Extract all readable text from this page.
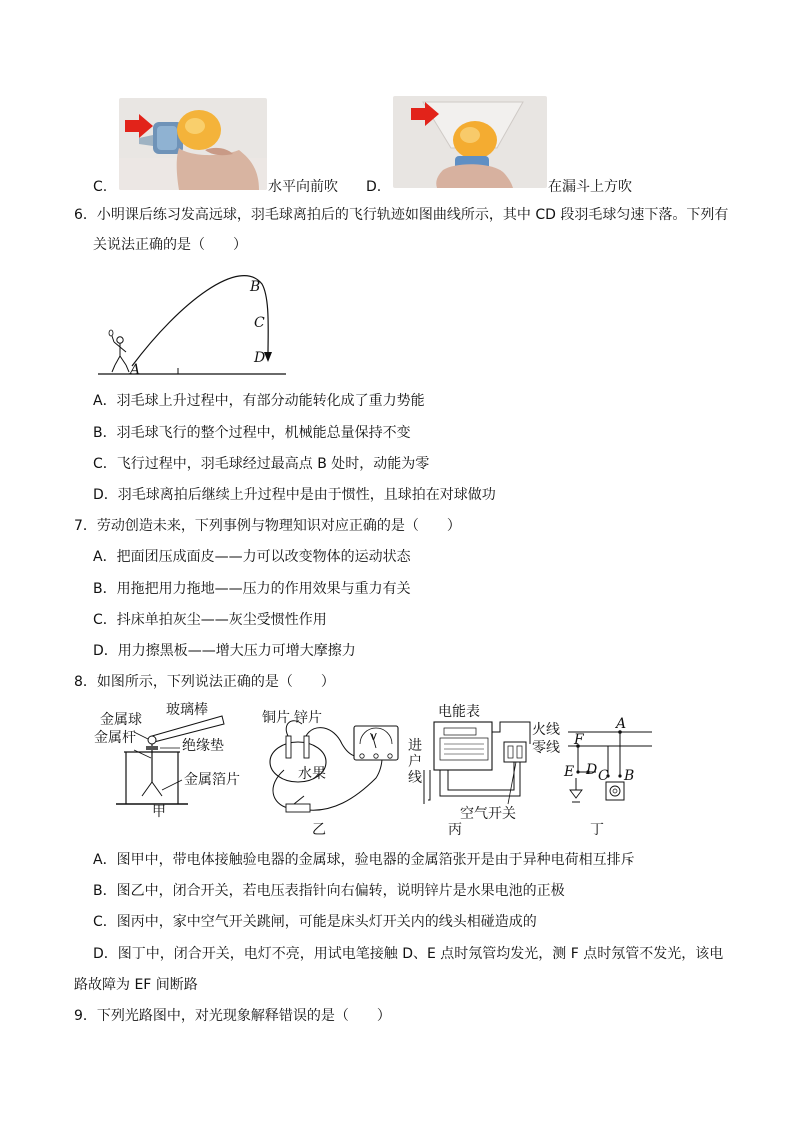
C.	水平向前吹 D.	在漏斗上方吹
6．小明课后练习发高远球，羽毛球离拍后的飞行轨迹如图曲线所示，其中 CD 段羽毛球匀速下落。下列有
关说法正确的是（　　）
A
B
C
D
A．羽毛球上升过程中，有部分动能转化成了重力势能
B．羽毛球飞行的整个过程中，机械能总量保持不变
C．飞行过程中，羽毛球经过最高点 B 处时，动能为零
D．羽毛球离拍后继续上升过程中是由于惯性，且球拍在对球做功
7．劳动创造未来，下列事例与物理知识对应正确的是（　　）
A．把面团压成面皮——力可以改变物体的运动状态
B．用拖把用力拖地——压力的作用效果与重力有关
C．抖床单拍灰尘——灰尘受惯性作用
D．用力擦黑板——增大压力可增大摩擦力
8．如图所示，下列说法正确的是（　　）
金属球
玻璃棒
金属杆	绝缘垫
金属箔片
甲
铜片 锌片
水果
V
乙
电能表
进
户
线
空气开关
丙
火线
零线
A
F
E D C B
丁
A．图甲中，带电体接触验电器的金属球，验电器的金属箔张开是由于异种电荷相互排斥
B．图乙中，闭合开关，若电压表指针向右偏转，说明锌片是水果电池的正极
C．图丙中，家中空气开关跳闸，可能是床头灯开关内的线头相碰造成的
D．图丁中，闭合开关，电灯不亮，用试电笔接触 D、E 点时氖管均发光，测 F 点时氖管不发光，该电
路故障为 EF 间断路
9．下列光路图中，对光现象解释错误的是（　　）
